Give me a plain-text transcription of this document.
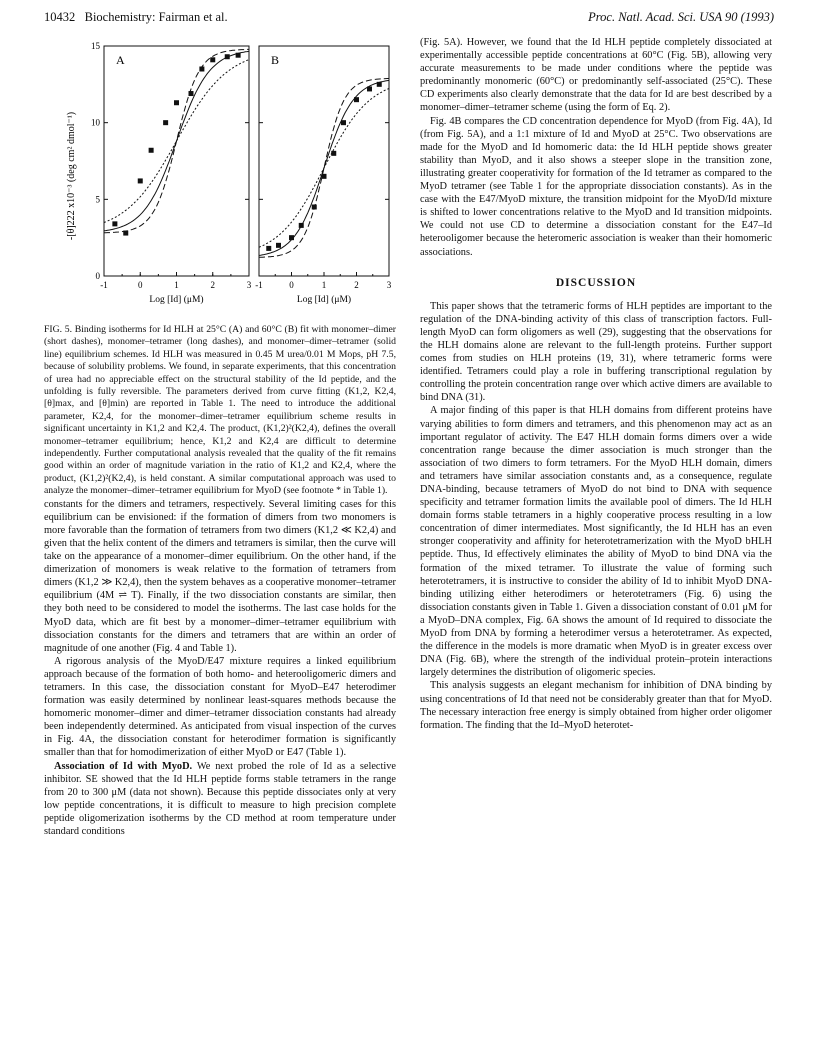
10432 Biochemistry: Fairman et al.	Proc. Natl. Acad. Sci. USA 90 (1993)
-[θ]222 x10⁻³ (deg cm² dmol⁻¹)
-1	0	1	2	3
0
5
10
15
A
Log [Id] (μM)
-1	0	1	2	3
B
Log [Id] (μM)

FIG. 5. Binding isotherms for Id HLH at 25°C (A) and 60°C (B) fit with monomer–dimer (short dashes), monomer–tetramer (long dashes), and monomer–dimer–tetramer (solid line) equilibrium schemes. Id HLH was measured in 0.45 M urea/0.01 M Mops, pH 7.5, because of solubility problems. We found, in separate experiments, that this concentration of urea had no appreciable effect on the structural stability of the Id peptide, and the unfolding is fully reversible. The parameters derived from curve fitting (K1,2, K2,4, [θ]max, and [θ]min) are reported in Table 1. The need to introduce the additional parameter, K2,4, for the monomer–dimer–tetramer equilibrium scheme results in significant uncertainty in K1,2 and K2,4. The product, (K1,2)²(K2,4), defines the overall monomer–tetramer equilibrium; hence, K1,2 and K2,4 are difficult to determine independently. Further computational analysis revealed that the quality of the fit remains good within an order of magnitude variation in the ratio of K1,2 and K2,4, where the product, (K1,2)²(K2,4), is held constant. A similar computational approach was used to analyze the monomer–dimer–tetramer equilibrium for MyoD (see footnote * in Table 1).

constants for the dimers and tetramers, respectively. Several limiting cases for this equilibrium can be envisioned: if the formation of dimers from two monomers is more favorable than the formation of tetramers from two dimers (K1,2 ≪ K2,4) and given that the helix content of the dimers and tetramers is similar, then the curve will take on the appearance of a monomer–dimer equilibrium. On the other hand, if the dimerization of monomers is weak relative to the formation of tetramers from dimers (K1,2 ≫ K2,4), then the system behaves as a cooperative monomer–tetramer equilibrium (4M ⇌ T). Finally, if the two dissociation constants are similar, then they both need to be considered to model the isotherms. The last case holds for the MyoD data, which are fit best by a monomer–dimer–tetramer equilibrium with dissociation constants for the dimers and tetramers that are within an order of magnitude of one another (Fig. 4 and Table 1).

A rigorous analysis of the MyoD/E47 mixture requires a linked equilibrium approach because of the formation of both homo- and heterooligomeric dimers and tetramers. In this case, the dissociation constant for MyoD–E47 heterodimer formation was easily determined by nonlinear least-squares methods because the homomeric monomer–dimer and dimer–tetramer dissociation constants had already been independently determined. As anticipated from visual inspection of the curves in Fig. 4A, the dissociation constant for heterodimer formation is significantly smaller than that for homodimerization of either MyoD or E47 (Table 1).

Association of Id with MyoD. We next probed the role of Id as a selective inhibitor. SE showed that the Id HLH peptide forms stable tetramers in the range from 20 to 300 μM (data not shown). Because this peptide dissociates only at very low peptide concentrations, it is difficult to measure to high precision complete peptide oligomerization isotherms by the CD method at room temperature under standard conditions

(Fig. 5A). However, we found that the Id HLH peptide completely dissociated at experimentally accessible peptide concentrations at 60°C (Fig. 5B), allowing very accurate measurements to be made under conditions where the peptide was predominantly monomeric (60°C) or predominantly self-associated (25°C). These CD experiments also clearly demonstrate that the data for Id are best described by a monomer–dimer–tetramer scheme (using the form of Eq. 2).

Fig. 4B compares the CD concentration dependence for MyoD (from Fig. 4A), Id (from Fig. 5A), and a 1:1 mixture of Id and MyoD at 25°C. Two observations are made for the MyoD and Id homomeric data: the Id HLH peptide shows greater stability than MyoD, and it also shows a steeper slope in the transition zone, illustrating greater cooperativity for formation of the Id tetramer as compared to the MyoD tetramer (see Table 1 for the appropriate dissociation constants). As in the case with the E47/MyoD mixture, the transition midpoint for the MyoD/Id mixture is shifted to lower concentrations relative to the MyoD and Id transition midpoints. We could not use CD to determine a dissociation constant for the E47–Id heterooligomer because the heteromeric association is weaker than their homomeric associations.

DISCUSSION

This paper shows that the tetrameric forms of HLH peptides are important to the regulation of the DNA-binding activity of this class of transcription factors. Full-length MyoD can form oligomers as well (29), suggesting that the observations for the HLH domains alone are relevant to the full-length proteins. Further support comes from studies on HLH proteins (19, 31), where tetrameric forms were identified. Tetramers could play a role in buffering transcriptional regulation by controlling the protein concentration range over which active dimers are available to bind DNA (31).

A major finding of this paper is that HLH domains from different proteins have varying abilities to form dimers and tetramers, and this phenomenon may act as an important regulator of activity. The E47 HLH domain forms dimers over a wide concentration range because the dimer association is much stronger than the association of two dimers to form tetramers. For the MyoD HLH domain, dimers and tetramers have similar association constants and, as a consequence, regulate DNA-binding, because tetramers of MyoD do not bind to DNA with sequence specificity and tetramer formation limits the available pool of dimers. The Id HLH domain forms stable tetramers in a highly cooperative process resulting in a low concentration of dimer intermediates. Most significantly, the Id HLH has an even stronger cooperativity and affinity for heterotetramerization with the MyoD bHLH peptide. Thus, Id effectively eliminates the ability of MyoD to bind DNA via the formation of the mixed tetramer. To illustrate the value of forming such heterotetramers, it is instructive to consider the ability of Id to inhibit MyoD DNA-binding utilizing either heterodimers or heterotetramers (Fig. 6) using the dissociation constants given in Table 1. Given a dissociation constant of 0.01 μM for a MyoD–DNA complex, Fig. 6A shows the amount of Id required to dissociate the MyoD from DNA by forming a heterodimer versus a heterotetramer. As expected, the difference in the models is more dramatic when MyoD is in greater excess over DNA (Fig. 6B), where the strength of the individual protein–protein interactions largely determines the distribution of oligomeric species.

This analysis suggests an elegant mechanism for inhibition of DNA binding by using concentrations of Id that need not be considerably greater than that for MyoD. The necessary interaction free energy is simply obtained from higher order oligomer formation. The finding that the Id–MyoD heterotet-
